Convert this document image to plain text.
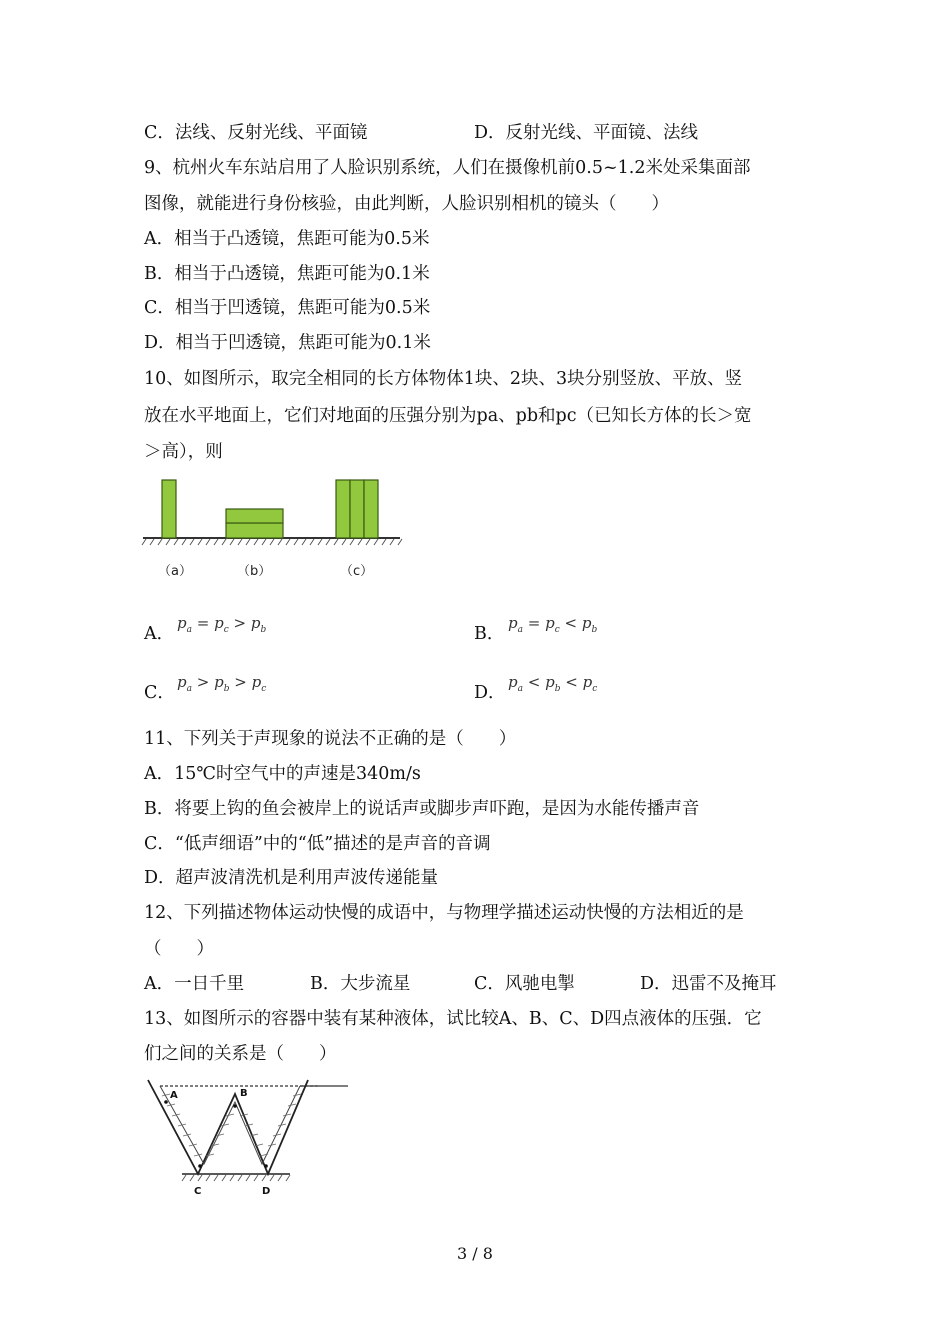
C．法线、反射光线、平面镜	D．反射光线、平面镜、法线
9、杭州火车东站启用了人脸识别系统，人们在摄像机前0.5~1.2米处采集面部
图像，就能进行身份核验，由此判断，人脸识别相机的镜头（　　）
A．相当于凸透镜，焦距可能为0.5米
B．相当于凸透镜，焦距可能为0.1米
C．相当于凹透镜，焦距可能为0.5米
D．相当于凹透镜，焦距可能为0.1米
10、如图所示，取完全相同的长方体物体1块、2块、3块分别竖放、平放、竖
放在水平地面上，它们对地面的压强分别为pa、pb和pc（已知长方体的长＞宽
＞高），则
（a）	（b）	（c）
A．
$p_a = p_c > p_b$	B．
$p_a = p_c < p_b$
C．
$p_a > p_b > p_c$	D．
$p_a < p_b < p_c$
11、下列关于声现象的说法不正确的是（　　）
A．15℃时空气中的声速是340m/s
B．将要上钩的鱼会被岸上的说话声或脚步声吓跑，是因为水能传播声音
C．“低声细语”中的“低”描述的是声音的音调
D．超声波清洗机是利用声波传递能量
12、下列描述物体运动快慢的成语中，与物理学描述运动快慢的方法相近的是
（　　）
A．一日千里	B．大步流星	C．风驰电掣	D．迅雷不及掩耳
13、如图所示的容器中装有某种液体，试比较A、B、C、D四点液体的压强．它
们之间的关系是（　　）
A	B
C	D
3 / 8
